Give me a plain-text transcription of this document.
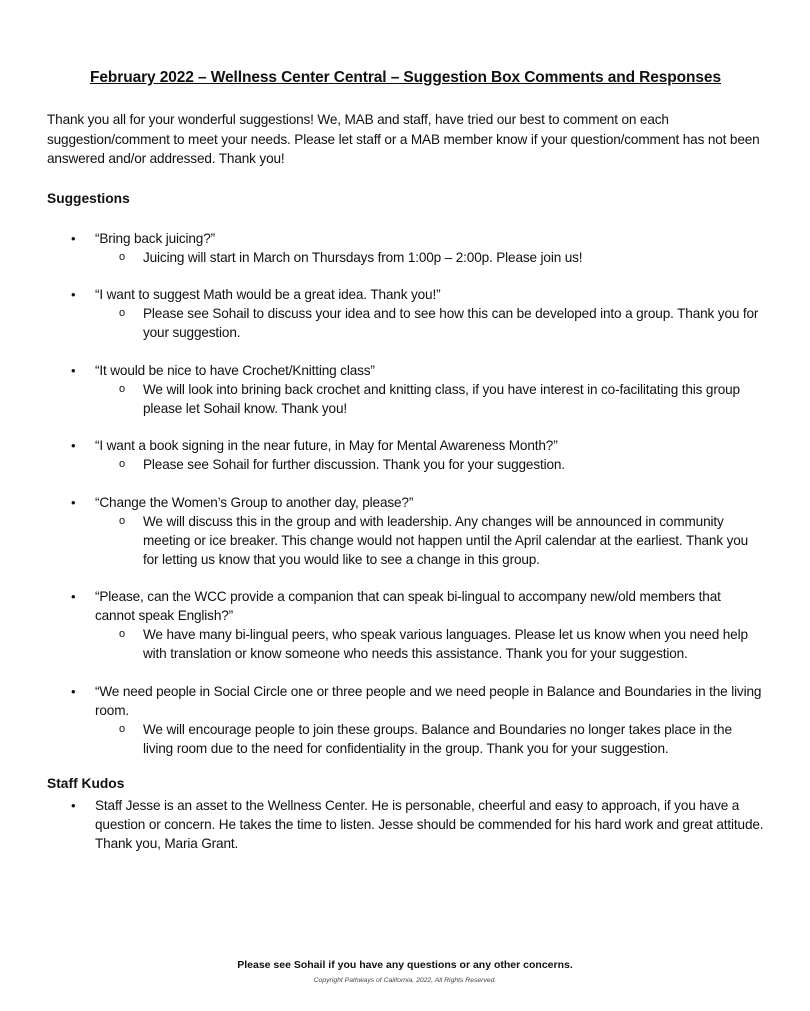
February 2022 – Wellness Center Central – Suggestion Box Comments and Responses

Thank you all for your wonderful suggestions! We, MAB and staff, have tried our best to comment on each suggestion/comment to meet your needs. Please let staff or a MAB member know if your question/comment has not been answered and/or addressed. Thank you!

Suggestions
•	“Bring back juicing?”
o Juicing will start in March on Thursdays from 1:00p – 2:00p. Please join us!
•	“I want to suggest Math would be a great idea. Thank you!”
o Please see Sohail to discuss your idea and to see how this can be developed into a group. Thank you for your suggestion.
•	“It would be nice to have Crochet/Knitting class”
o We will look into brining back crochet and knitting class, if you have interest in co-facilitating this group please let Sohail know. Thank you!
•	“I want a book signing in the near future, in May for Mental Awareness Month?”
o Please see Sohail for further discussion. Thank you for your suggestion.
•	“Change the Women’s Group to another day, please?”
o We will discuss this in the group and with leadership. Any changes will be announced in community meeting or ice breaker. This change would not happen until the April calendar at the earliest. Thank you for letting us know that you would like to see a change in this group.
•	“Please, can the WCC provide a companion that can speak bi-lingual to accompany new/old members that cannot speak English?”
o We have many bi-lingual peers, who speak various languages. Please let us know when you need help with translation or know someone who needs this assistance. Thank you for your suggestion.
•	“We need people in Social Circle one or three people and we need people in Balance and Boundaries in the living room.
o We will encourage people to join these groups. Balance and Boundaries no longer takes place in the living room due to the need for confidentiality in the group. Thank you for your suggestion.
Staff Kudos
•	Staff Jesse is an asset to the Wellness Center. He is personable, cheerful and easy to approach, if you have a question or concern. He takes the time to listen. Jesse should be commended for his hard work and great attitude. Thank you, Maria Grant.

Please see Sohail if you have any questions or any other concerns.

Copyright Pathways of California, 2022, All Rights Reserved.
